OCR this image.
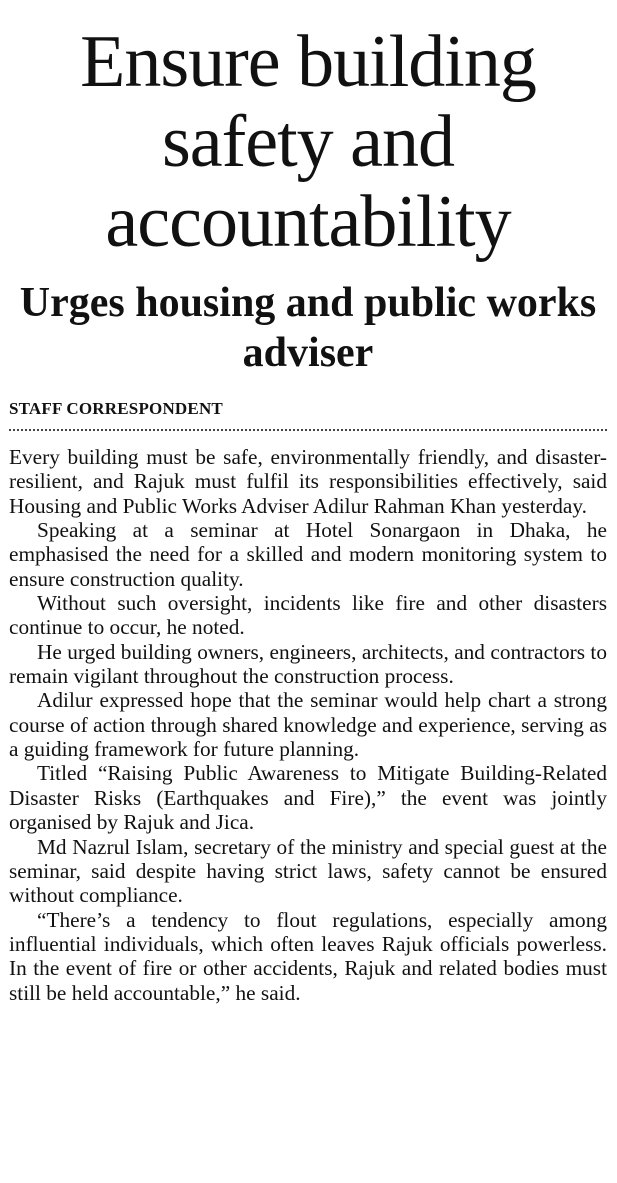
Ensure building safety and accountability
Urges housing and public works adviser
STAFF CORRESPONDENT

Every building must be safe, environmentally friendly, and disaster-resilient, and Rajuk must fulfil its responsibilities effectively, said Housing and Public Works Adviser Adilur Rahman Khan yesterday.

Speaking at a seminar at Hotel Sonargaon in Dhaka, he emphasised the need for a skilled and modern monitoring system to ensure construction quality.

Without such oversight, incidents like fire and other disasters continue to occur, he noted.

He urged building owners, engineers, architects, and contractors to remain vigilant throughout the construction process.

Adilur expressed hope that the seminar would help chart a strong course of action through shared knowledge and experience, serving as a guiding framework for future planning.

Titled “Raising Public Awareness to Mitigate Building-Related Disaster Risks (Earthquakes and Fire),” the event was jointly organised by Rajuk and Jica.

Md Nazrul Islam, secretary of the ministry and special guest at the seminar, said despite having strict laws, safety cannot be ensured without compliance.

“There’s a tendency to flout regulations, especially among influential individuals, which often leaves Rajuk officials powerless. In the event of fire or other accidents, Rajuk and related bodies must still be held accountable,” he said.
